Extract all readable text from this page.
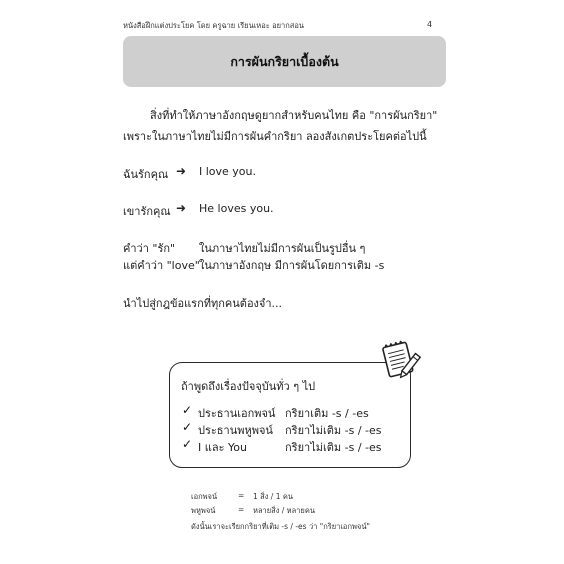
หนังสือฝึกแต่งประโยค โดย ครูฉาย เรียนเหอะ อยากสอน	4
การผันกริยาเบื้องต้น
สิ่งที่ทำให้ภาษาอังกฤษดูยากสำหรับคนไทย คือ "การผันกริยา"
เพราะในภาษาไทยไม่มีการผันคำกริยา ลองสังเกตประโยคต่อไปนี้
ฉันรักคุณ ➜ I love you.
เขารักคุณ ➜ He loves you.
คำว่า "รัก" ในภาษาไทยไม่มีการผันเป็นรูปอื่น ๆ
แต่คำว่า "love" ในภาษาอังกฤษ มีการผันโดยการเติม -s
นำไปสู่กฎข้อแรกที่ทุกคนต้องจำ...
ถ้าพูดถึงเรื่องปัจจุบันทั่ว ๆ ไป
✓ ประธานเอกพจน์ กริยาเติม -s / -es
✓ ประธานพหูพจน์ กริยาไม่เติม -s / -es
✓ I และ You	กริยาไม่เติม -s / -es
เอกพจน์	= 1 สิ่ง / 1 คน
พหูพจน์	= หลายสิ่ง / หลายคน
ดังนั้นเราจะเรียกกริยาที่เติม -s / -es ว่า "กริยาเอกพจน์"
